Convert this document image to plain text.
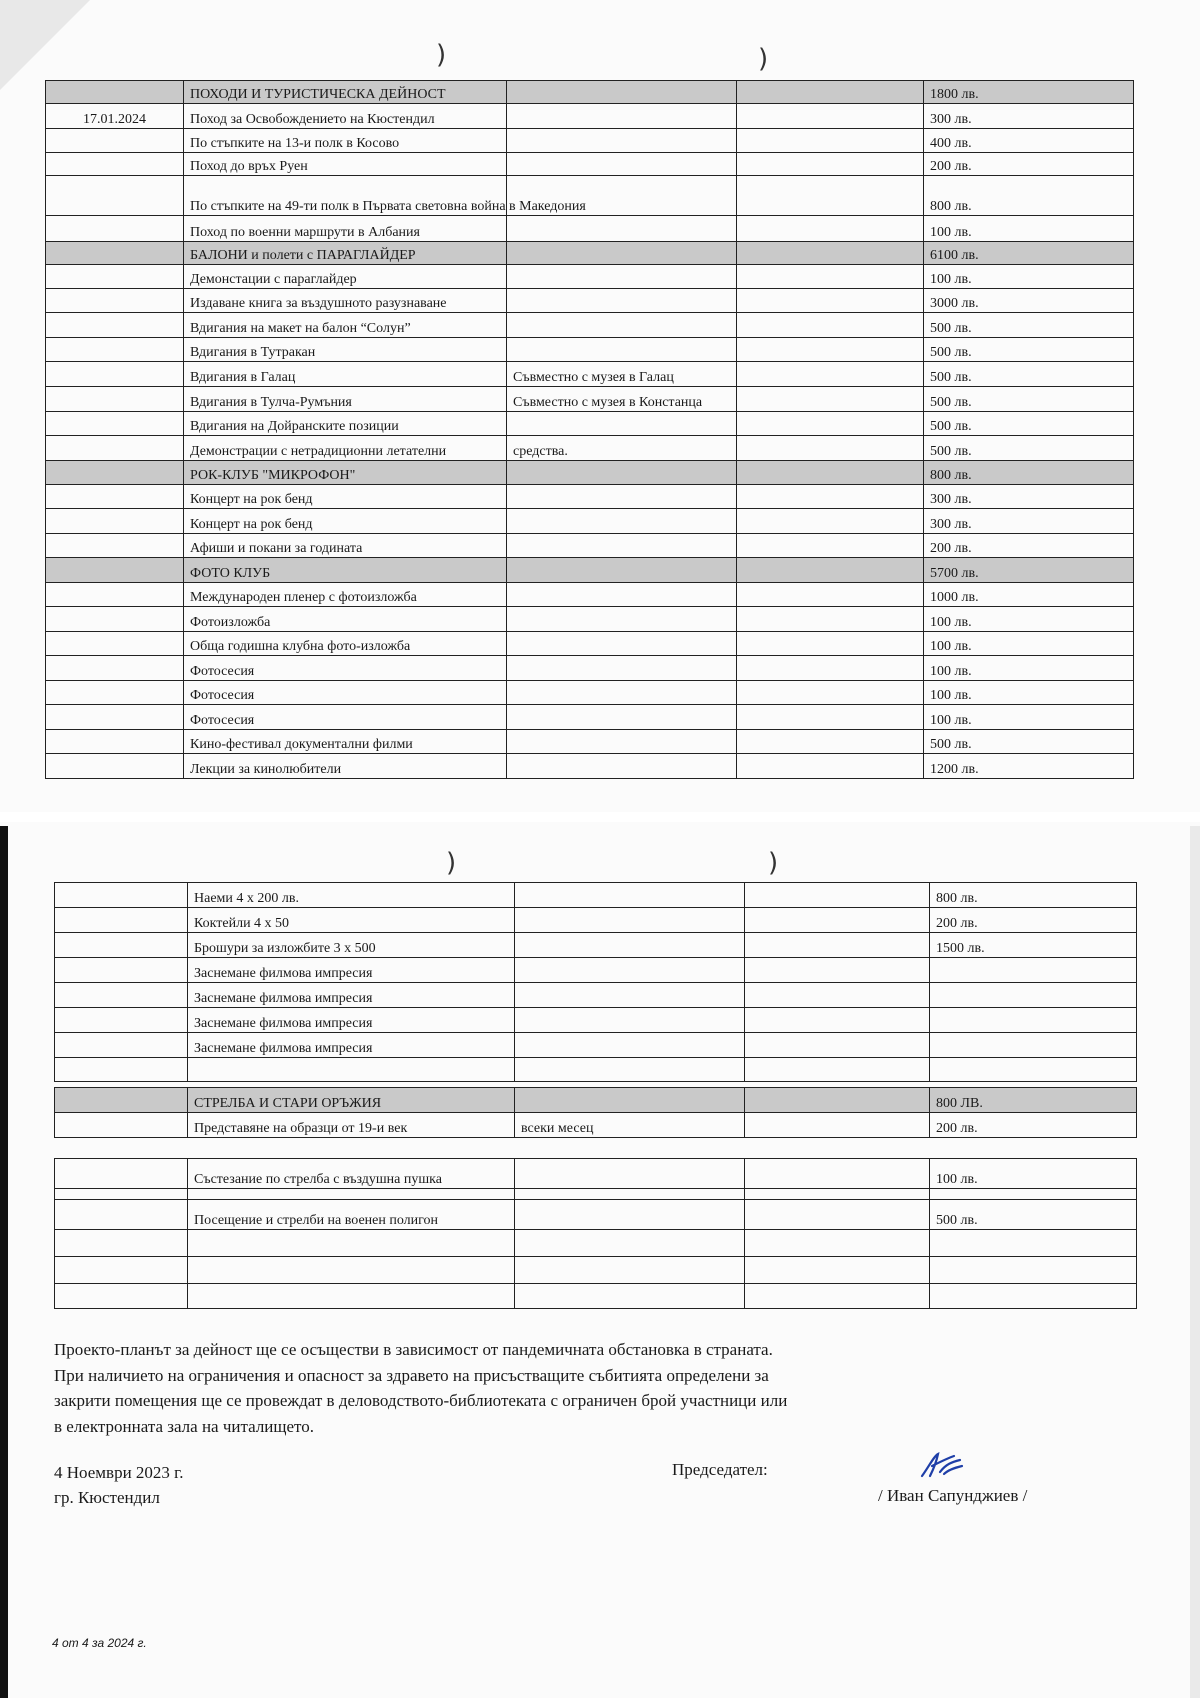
)	)
	ПОХОДИ И ТУРИСТИЧЕСКА ДЕЙНОСТ			1800 лв.
17.01.2024	Поход за Освобождението на Кюстендил			300 лв.
	По стъпките на 13-и полк в Косово			400 лв.
	Поход до връх Руен			200 лв.
	По стъпките на 49-ти полк в Първата световна война в Македония			800 лв.
	Поход по военни маршрути в Албания			100 лв.
	БАЛОНИ и полети с ПАРАГЛАЙДЕР			6100 лв.
	Демонстации с параглайдер			100 лв.
	Издаване книга за въздушното разузнаване			3000 лв.
	Вдигания на макет на балон “Солун”			500 лв.
	Вдигания в Тутракан			500 лв.
	Вдигания в Галац	Съвместно с музея в Галац		500 лв.
	Вдигания в Тулча-Румъния	Съвместно с музея в Констанца		500 лв.
	Вдигания на Дойранските позиции			500 лв.
	Демонстрации с нетрадиционни летателни	средства.		500 лв.
	РОК-КЛУБ "МИКРОФОН"			800 лв.
	Концерт на рок бенд			300 лв.
	Концерт на рок бенд			300 лв.
	Афиши и покани за годината			200 лв.
	ФОТО КЛУБ			5700 лв.
	Международен пленер с фотоизложба			1000 лв.
	Фотоизложба			100 лв.
	Обща годишна клубна фото-изложба			100 лв.
	Фотосесия			100 лв.
	Фотосесия			100 лв.
	Фотосесия			100 лв.
	Кино-фестивал документални филми			500 лв.
	Лекции за кинолюбители			1200 лв.
)	)
	Наеми 4 х 200 лв.			800 лв.
	Коктейли 4 х 50			200 лв.
	Брошури за изложбите 3 х 500			1500 лв.
	Заснемане филмова импресия			
	Заснемане филмова импресия			
	Заснемане филмова импресия			
	Заснемане филмова импресия			

	СТРЕЛБА И СТАРИ ОРЪЖИЯ			800 ЛВ.
	Представяне на образци от 19-и век	всеки месец		200 лв.
	Състезание по стрелба с въздушна пушка			100 лв.

	Посещение и стрелби на военен полигон			500 лв.

Проекто-планът за дейност ще се осъществи в зависимост от пандемичната обстановка в страната.

При наличието на ограничения и опасност за здравето на присъстващите събитията определени за

закрити помещения ще се провеждат в деловодството-библиотеката с ограничен брой участници или

в електронната зала на читалището.

4 Ноември 2023 г.
гр. Кюстендил
Председател:
/ Иван Сапунджиев /
4 от 4 за 2024 г.
